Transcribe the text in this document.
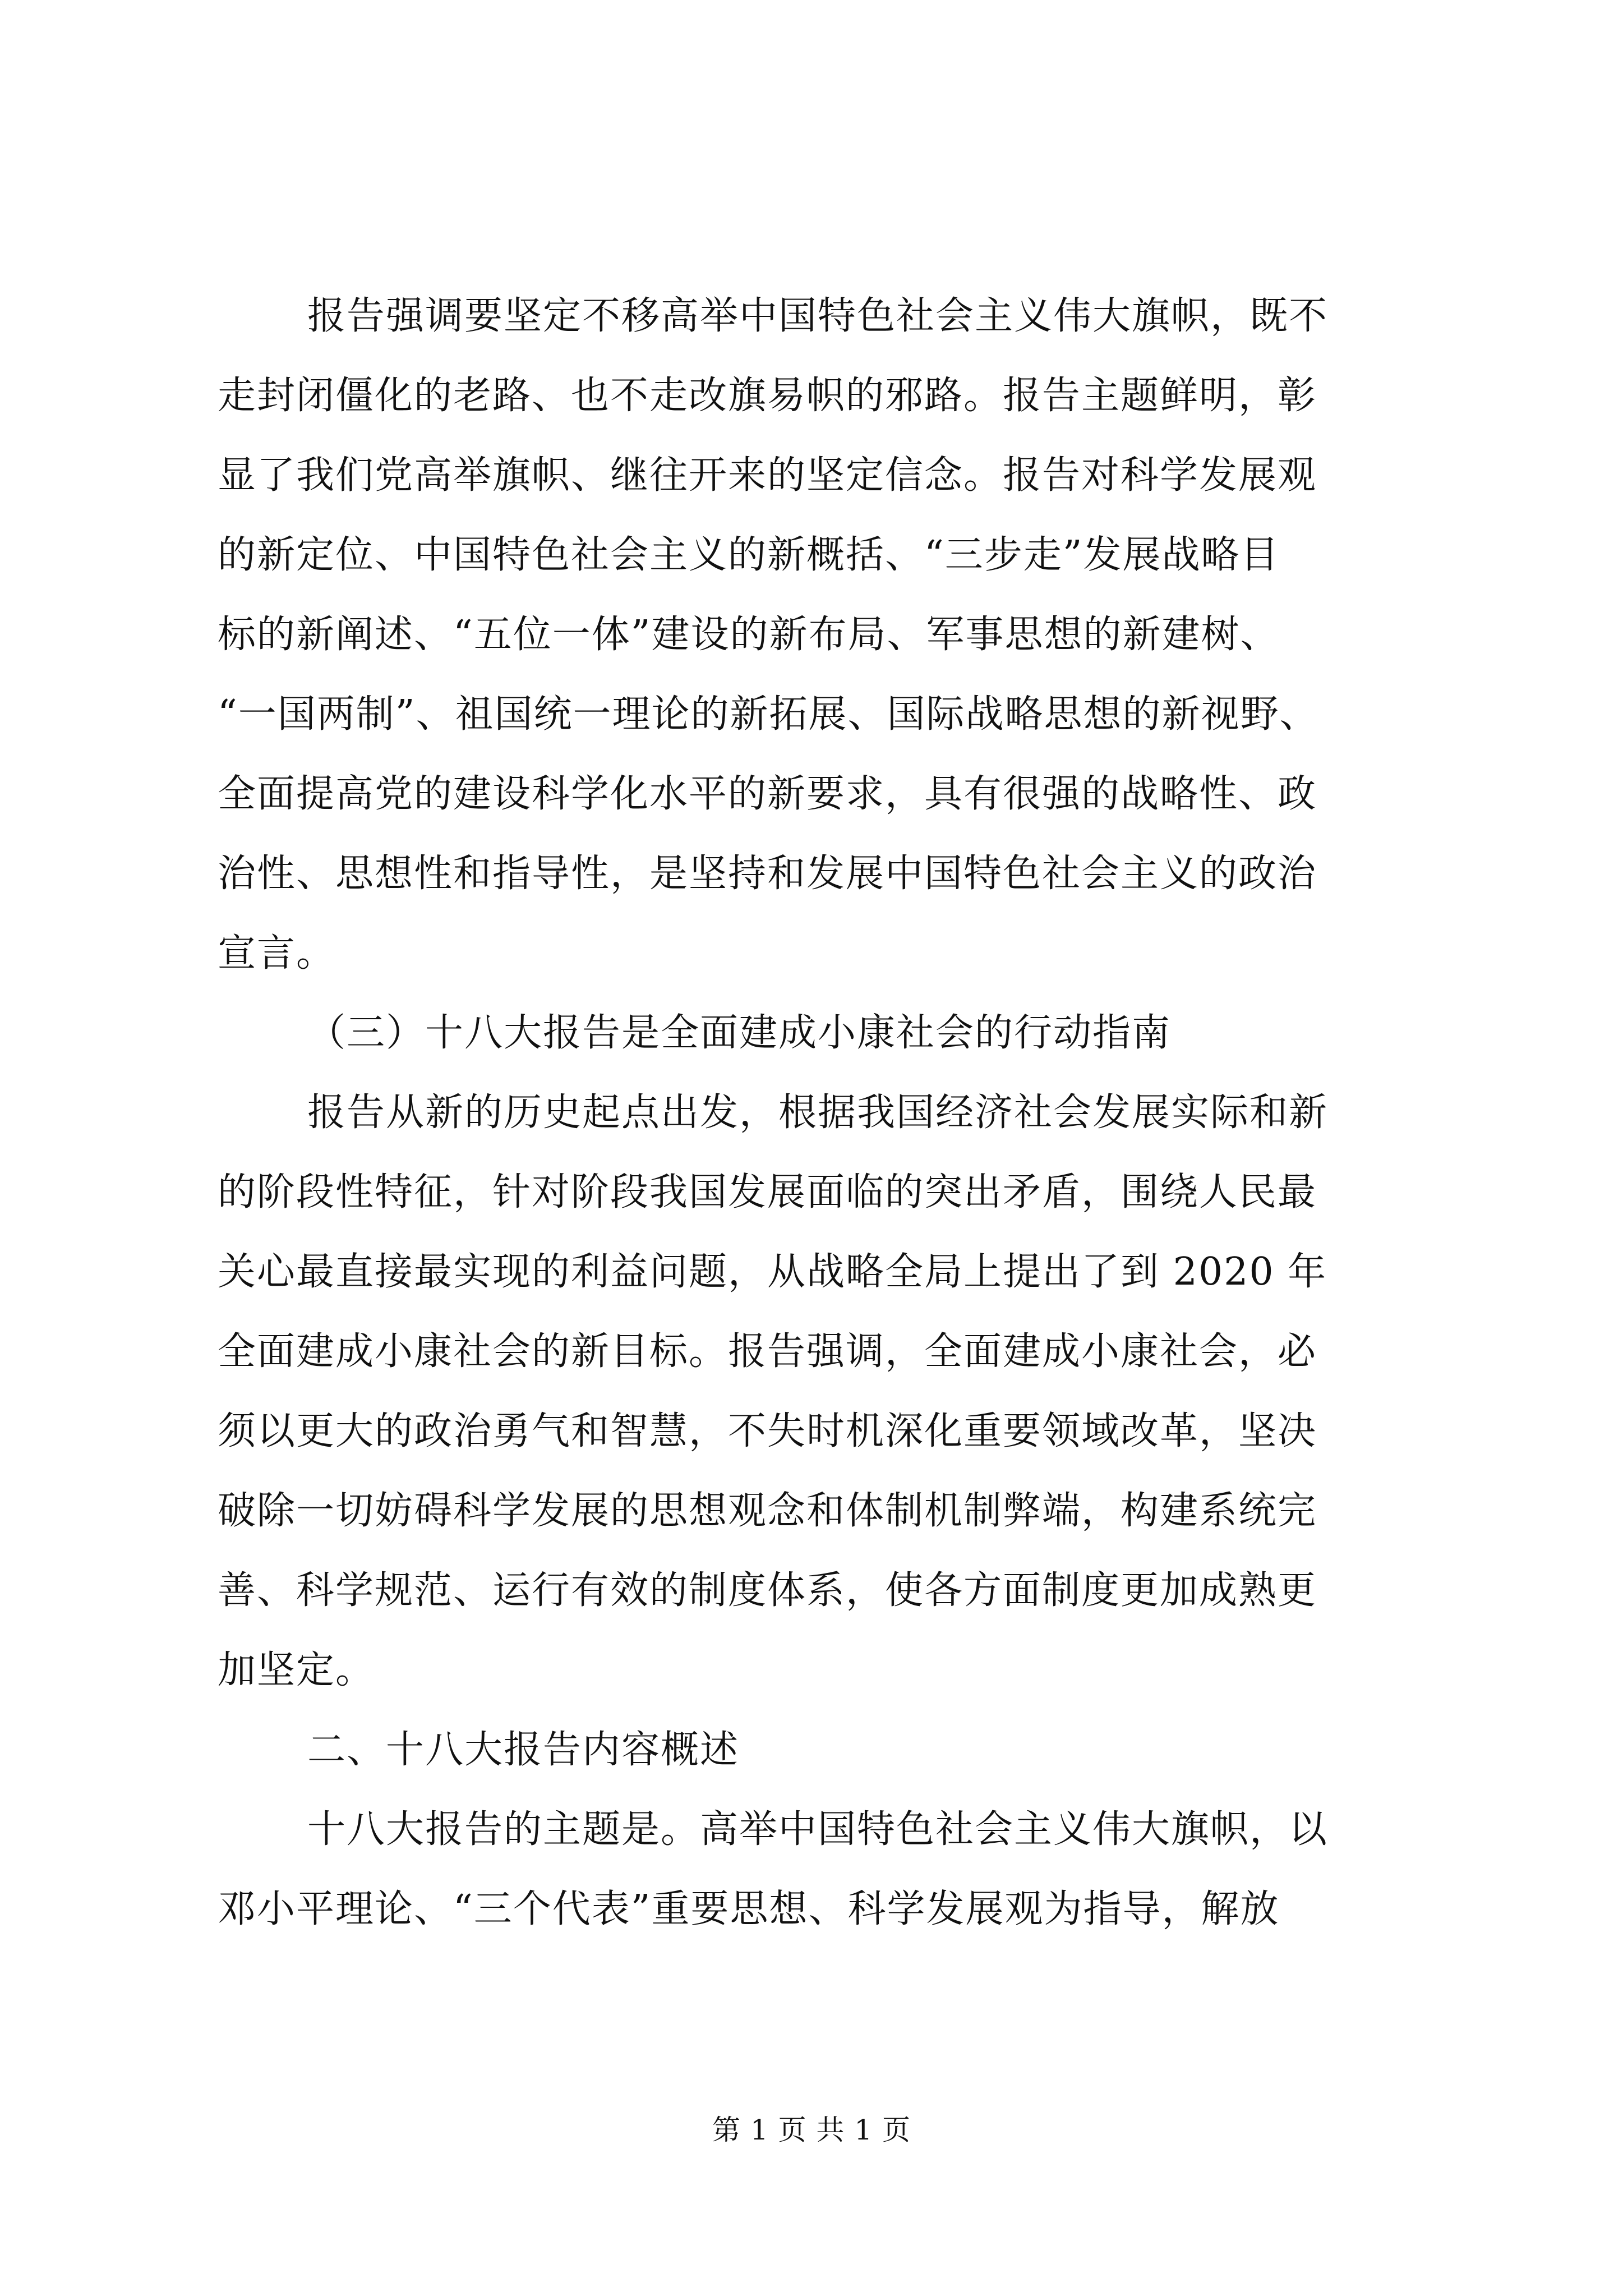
报告强调要坚定不移高举中国特色社会主义伟大旗帜，既不
走封闭僵化的老路、也不走改旗易帜的邪路。报告主题鲜明，彰
显了我们党高举旗帜、继往开来的坚定信念。报告对科学发展观
的新定位、中国特色社会主义的新概括、“三步走”发展战略目
标的新阐述、“五位一体”建设的新布局、军事思想的新建树、
“一国两制”、祖国统一理论的新拓展、国际战略思想的新视野、
全面提高党的建设科学化水平的新要求，具有很强的战略性、政
治性、思想性和指导性，是坚持和发展中国特色社会主义的政治
宣言。
（三）十八大报告是全面建成小康社会的行动指南
报告从新的历史起点出发，根据我国经济社会发展实际和新
的阶段性特征，针对阶段我国发展面临的突出矛盾，围绕人民最
关心最直接最实现的利益问题，从战略全局上提出了到 2020 年
全面建成小康社会的新目标。报告强调，全面建成小康社会，必
须以更大的政治勇气和智慧，不失时机深化重要领域改革，坚决
破除一切妨碍科学发展的思想观念和体制机制弊端，构建系统完
善、科学规范、运行有效的制度体系，使各方面制度更加成熟更
加坚定。
二、十八大报告内容概述
十八大报告的主题是。高举中国特色社会主义伟大旗帜，以
邓小平理论、“三个代表”重要思想、科学发展观为指导，解放
第 1 页 共 1 页
